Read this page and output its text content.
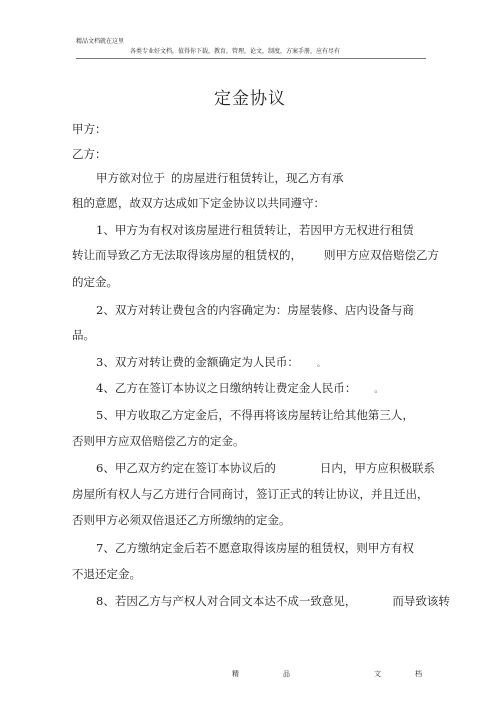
精品文档就在这里
各类专业好文档，值得你下载，教育，管理，论文，制度，方案手册，应有尽有
定金协议
甲方：
乙方：
甲方欲对位于 的房屋进行租赁转让，现乙方有承
租的意愿，故双方达成如下定金协议以共同遵守：
1、甲方为有权对该房屋进行租赁转让，若因甲方无权进行租赁
转让而导致乙方无法取得该房屋的租赁权的， 则甲方应双倍赔偿乙方
的定金。
2、双方对转让费包含的内容确定为：房屋装修、店内设备与商
品。
3、双方对转让费的金额确定为人民币： 。
4、乙方在签订本协议之日缴纳转让费定金人民币： 。
5、甲方收取乙方定金后，不得再将该房屋转让给其他第三人，
否则甲方应双倍赔偿乙方的定金。
6、甲乙双方约定在签订本协议后的	日内，甲方应积极联系
房屋所有权人与乙方进行合同商讨，签订正式的转让协议，并且迁出，
否则甲方必须双倍退还乙方所缴纳的定金。
7、乙方缴纳定金后若不愿意取得该房屋的租赁权，则甲方有权
不退还定金。
8、若因乙方与产权人对合同文本达不成一致意见，	而导致该转
精	品	文	档
